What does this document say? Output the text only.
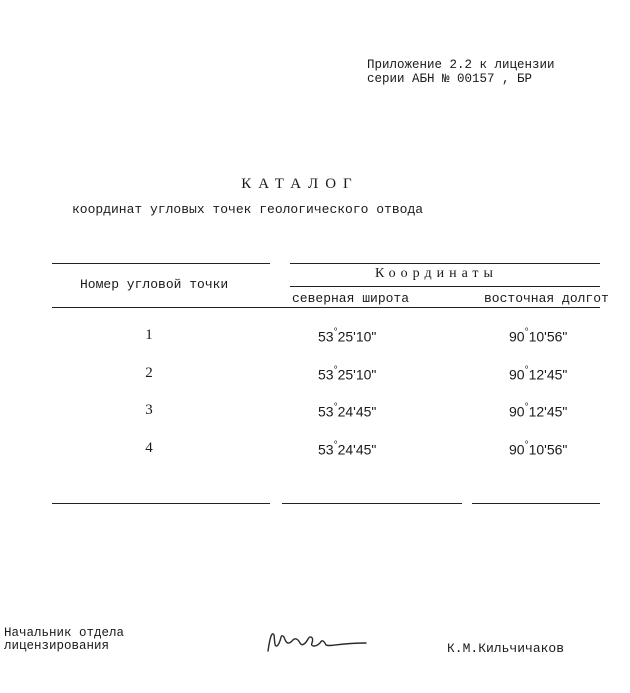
Приложение 2.2 к лицензии
серии АБН № 00157 , БР
КАТАЛОГ
координат угловых точек геологического отвода
Номер угловой точки
Координаты
северная широта	восточная долгот
1	53°25'10"	90°10'56"
2	53°25'10"	90°12'45"
3	53°24'45"	90°12'45"
4	53°24'45"	90°10'56"
Начальник отдела
лицензирования	К.М.Кильчичаков
